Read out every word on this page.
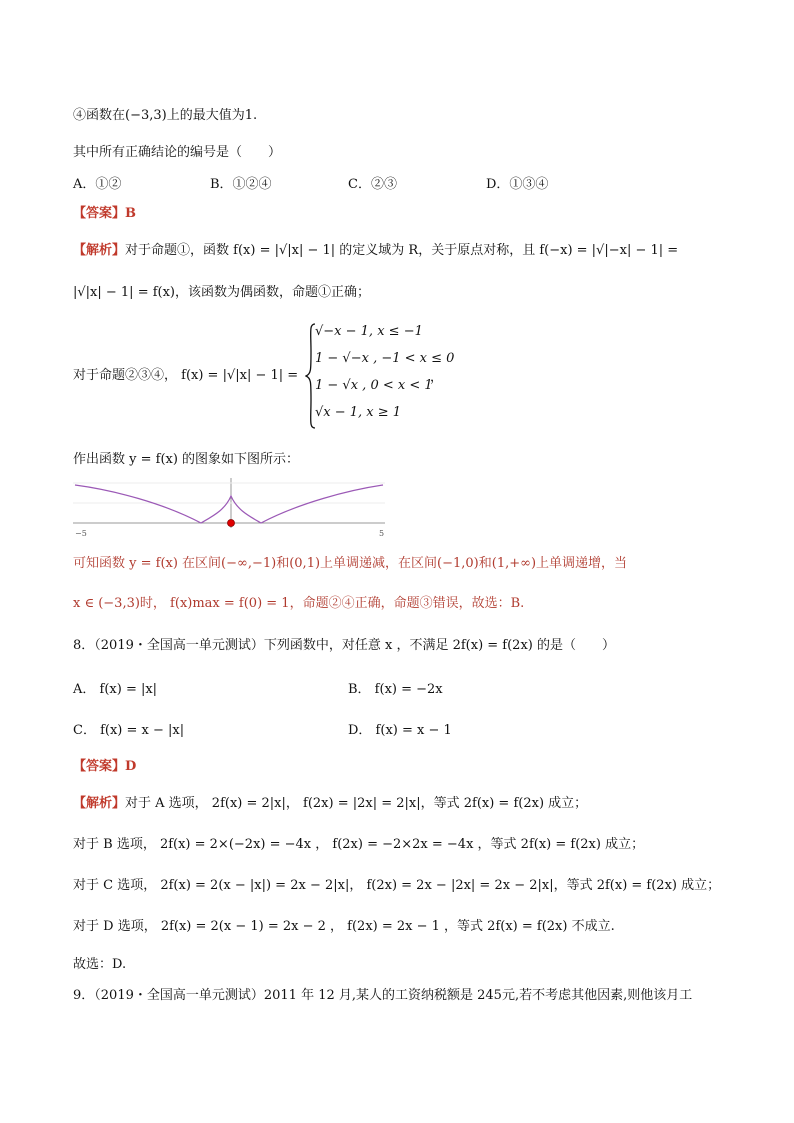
④函数在(−3,3)上的最大值为1.
其中所有正确结论的编号是（　　）
A．①②	B．①②④	C．②③	D．①③④
【答案】B
【解析】对于命题①，函数 f(x) = |√|x| − 1| 的定义域为 R，关于原点对称，且 f(−x) = |√|−x| − 1| =
|√|x| − 1| = f(x)，该函数为偶函数，命题①正确；
对于命题②③④， f(x) = |√|x| − 1| =
√−x − 1, x ≤ −1
1 − √−x , −1 < x ≤ 0
1 − √x , 0 < x < 1
√x − 1, x ≥ 1
，
作出函数 y = f(x) 的图象如下图所示：
−5	5
可知函数 y = f(x) 在区间(−∞,−1)和(0,1)上单调递减，在区间(−1,0)和(1,+∞)上单调递增，当
x ∈ (−3,3)时， f(x)max = f(0) = 1，命题②④正确，命题③错误，故选：B.
8．（2019・全国高一单元测试）下列函数中，对任意 x ，不满足 2f(x) = f(2x) 的是（　　）
A． f(x) = |x|	B． f(x) = −2x
C． f(x) = x − |x|	D． f(x) = x − 1
【答案】D
【解析】对于 A 选项， 2f(x) = 2|x|， f(2x) = |2x| = 2|x|，等式 2f(x) = f(2x) 成立；
对于 B 选项， 2f(x) = 2×(−2x) = −4x ， f(2x) = −2×2x = −4x ，等式 2f(x) = f(2x) 成立；
对于 C 选项， 2f(x) = 2(x − |x|) = 2x − 2|x|， f(2x) = 2x − |2x| = 2x − 2|x|，等式 2f(x) = f(2x) 成立；
对于 D 选项， 2f(x) = 2(x − 1) = 2x − 2 ， f(2x) = 2x − 1 ，等式 2f(x) = f(2x) 不成立.
故选：D.
9．（2019・全国高一单元测试）2011 年 12 月,某人的工资纳税额是 245元,若不考虑其他因素,则他该月工
